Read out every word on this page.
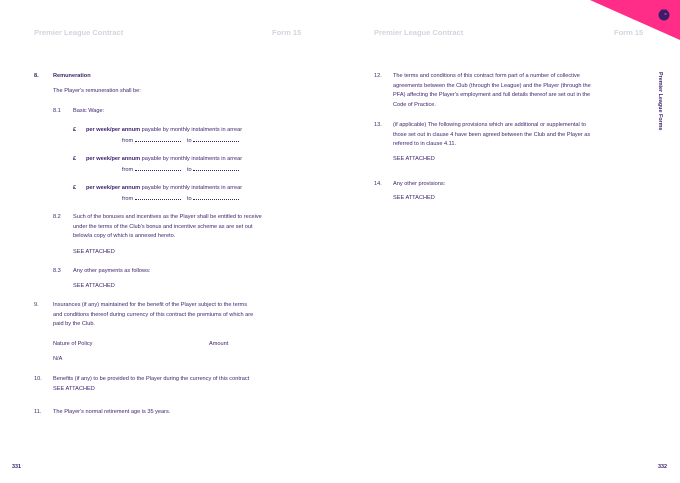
Premier League Contract	Form 15
8.	Remuneration
The Player's remuneration shall be:
8.1 Basic Wage:
£ per week/per annum payable by monthly instalments in arrear
from	to
£ per week/per annum payable by monthly instalments in arrear
from	to
£ per week/per annum payable by monthly instalments in arrear
from	to
8.2 Such of the bonuses and incentives as the Player shall be entitled to receive
under the terms of the Club's bonus and incentive scheme as are set out
below/a copy of which is annexed hereto.
SEE ATTACHED
8.3 Any other payments as follows:
SEE ATTACHED
9.	Insurances (if any) maintained for the benefit of the Player subject to the terms
and conditions thereof during currency of this contract the premiums of which are
paid by the Club.
Nature of Policy	Amount
N/A
10. Benefits (if any) to be provided to the Player during the currency of this contract
SEE ATTACHED
11. The Player's normal retirement age is 35 years.
331
Premier League Contract	Form 15
12. The terms and conditions of this contract form part of a number of collective
agreements between the Club (through the League) and the Player (through the
PFA) affecting the Player's employment and full details thereof are set out in the
Code of Practice.
13. (if applicable) The following provisions which are additional or supplemental to
those set out in clause 4 have been agreed between the Club and the Player as
referred to in clause 4.11.
SEE ATTACHED
14. Any other provisions:
SEE ATTACHED
332
Premier League Forms
